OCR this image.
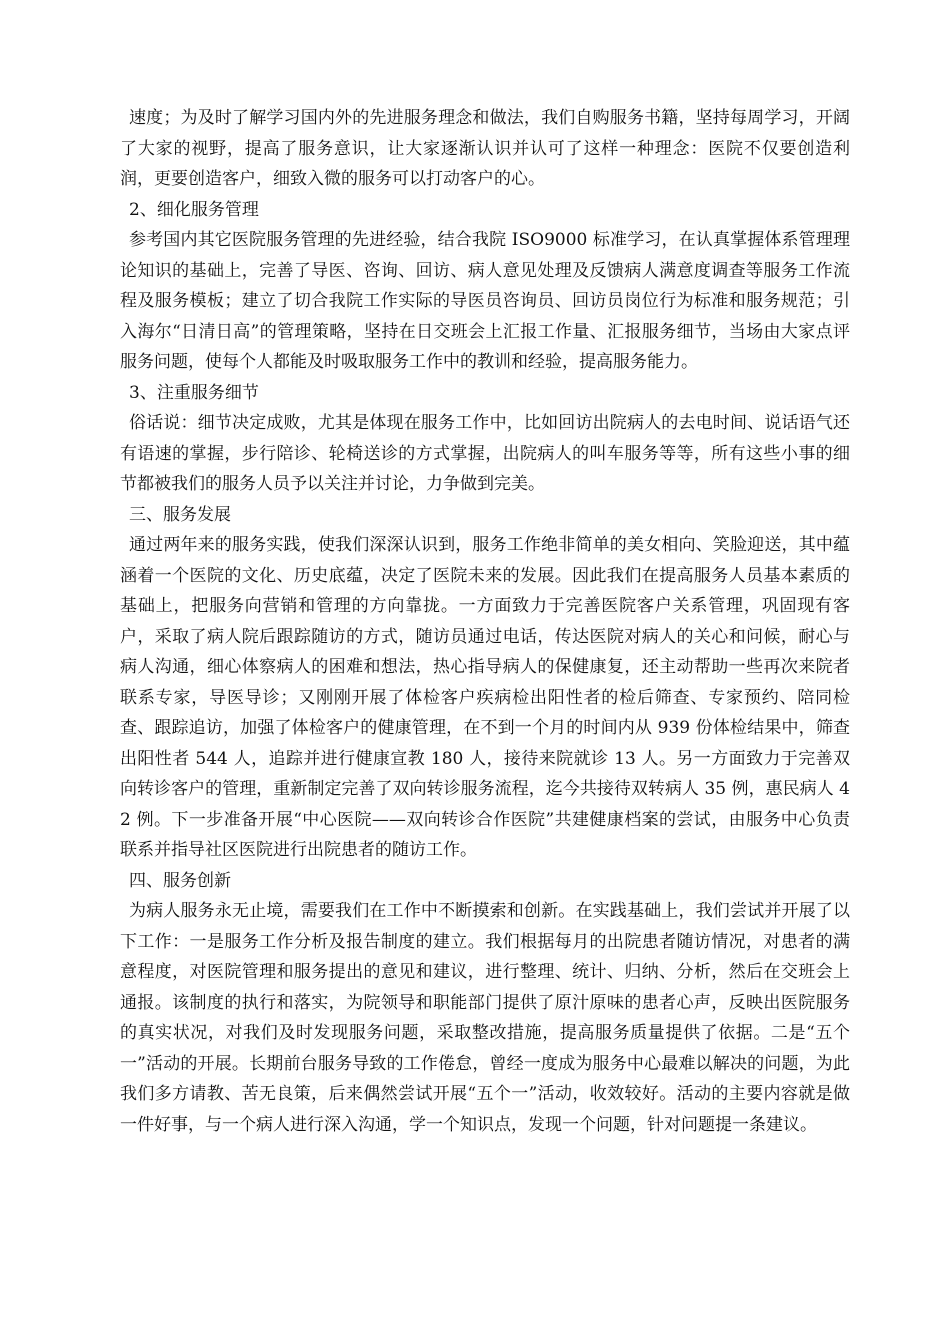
速度；为及时了解学习国内外的先进服务理念和做法，我们自购服务书籍，坚持每周学习，开阔了大家的视野，提高了服务意识，让大家逐渐认识并认可了这样一种理念：医院不仅要创造利润，更要创造客户，细致入微的服务可以打动客户的心。

2、细化服务管理

参考国内其它医院服务管理的先进经验，结合我院 ISO9000 标准学习，在认真掌握体系管理理论知识的基础上，完善了导医、咨询、回访、病人意见处理及反馈病人满意度调查等服务工作流程及服务模板；建立了切合我院工作实际的导医员咨询员、回访员岗位行为标准和服务规范；引入海尔“日清日高”的管理策略，坚持在日交班会上汇报工作量、汇报服务细节，当场由大家点评服务问题，使每个人都能及时吸取服务工作中的教训和经验，提高服务能力。

3、注重服务细节

俗话说：细节决定成败，尤其是体现在服务工作中，比如回访出院病人的去电时间、说话语气还有语速的掌握，步行陪诊、轮椅送诊的方式掌握，出院病人的叫车服务等等，所有这些小事的细节都被我们的服务人员予以关注并讨论，力争做到完美。

三、服务发展

通过两年来的服务实践，使我们深深认识到，服务工作绝非简单的美女相向、笑脸迎送，其中蕴涵着一个医院的文化、历史底蕴，决定了医院未来的发展。因此我们在提高服务人员基本素质的基础上，把服务向营销和管理的方向靠拢。一方面致力于完善医院客户关系管理，巩固现有客户，采取了病人院后跟踪随访的方式，随访员通过电话，传达医院对病人的关心和问候，耐心与病人沟通，细心体察病人的困难和想法，热心指导病人的保健康复，还主动帮助一些再次来院者联系专家，导医导诊；又刚刚开展了体检客户疾病检出阳性者的检后筛查、专家预约、陪同检查、跟踪追访，加强了体检客户的健康管理，在不到一个月的时间内从 939 份体检结果中，筛查出阳性者 544 人，追踪并进行健康宣教 180 人，接待来院就诊 13 人。另一方面致力于完善双向转诊客户的管理，重新制定完善了双向转诊服务流程，迄今共接待双转病人 35 例，惠民病人 42 例。下一步准备开展“中心医院——双向转诊合作医院”共建健康档案的尝试，由服务中心负责联系并指导社区医院进行出院患者的随访工作。

四、服务创新

为病人服务永无止境，需要我们在工作中不断摸索和创新。在实践基础上，我们尝试并开展了以下工作：一是服务工作分析及报告制度的建立。我们根据每月的出院患者随访情况，对患者的满意程度，对医院管理和服务提出的意见和建议，进行整理、统计、归纳、分析，然后在交班会上通报。该制度的执行和落实，为院领导和职能部门提供了原汁原味的患者心声，反映出医院服务的真实状况，对我们及时发现服务问题，采取整改措施，提高服务质量提供了依据。二是“五个一”活动的开展。长期前台服务导致的工作倦怠，曾经一度成为服务中心最难以解决的问题，为此我们多方请教、苦无良策，后来偶然尝试开展“五个一”活动，收效较好。活动的主要内容就是做一件好事，与一个病人进行深入沟通，学一个知识点，发现一个问题，针对问题提一条建议。
